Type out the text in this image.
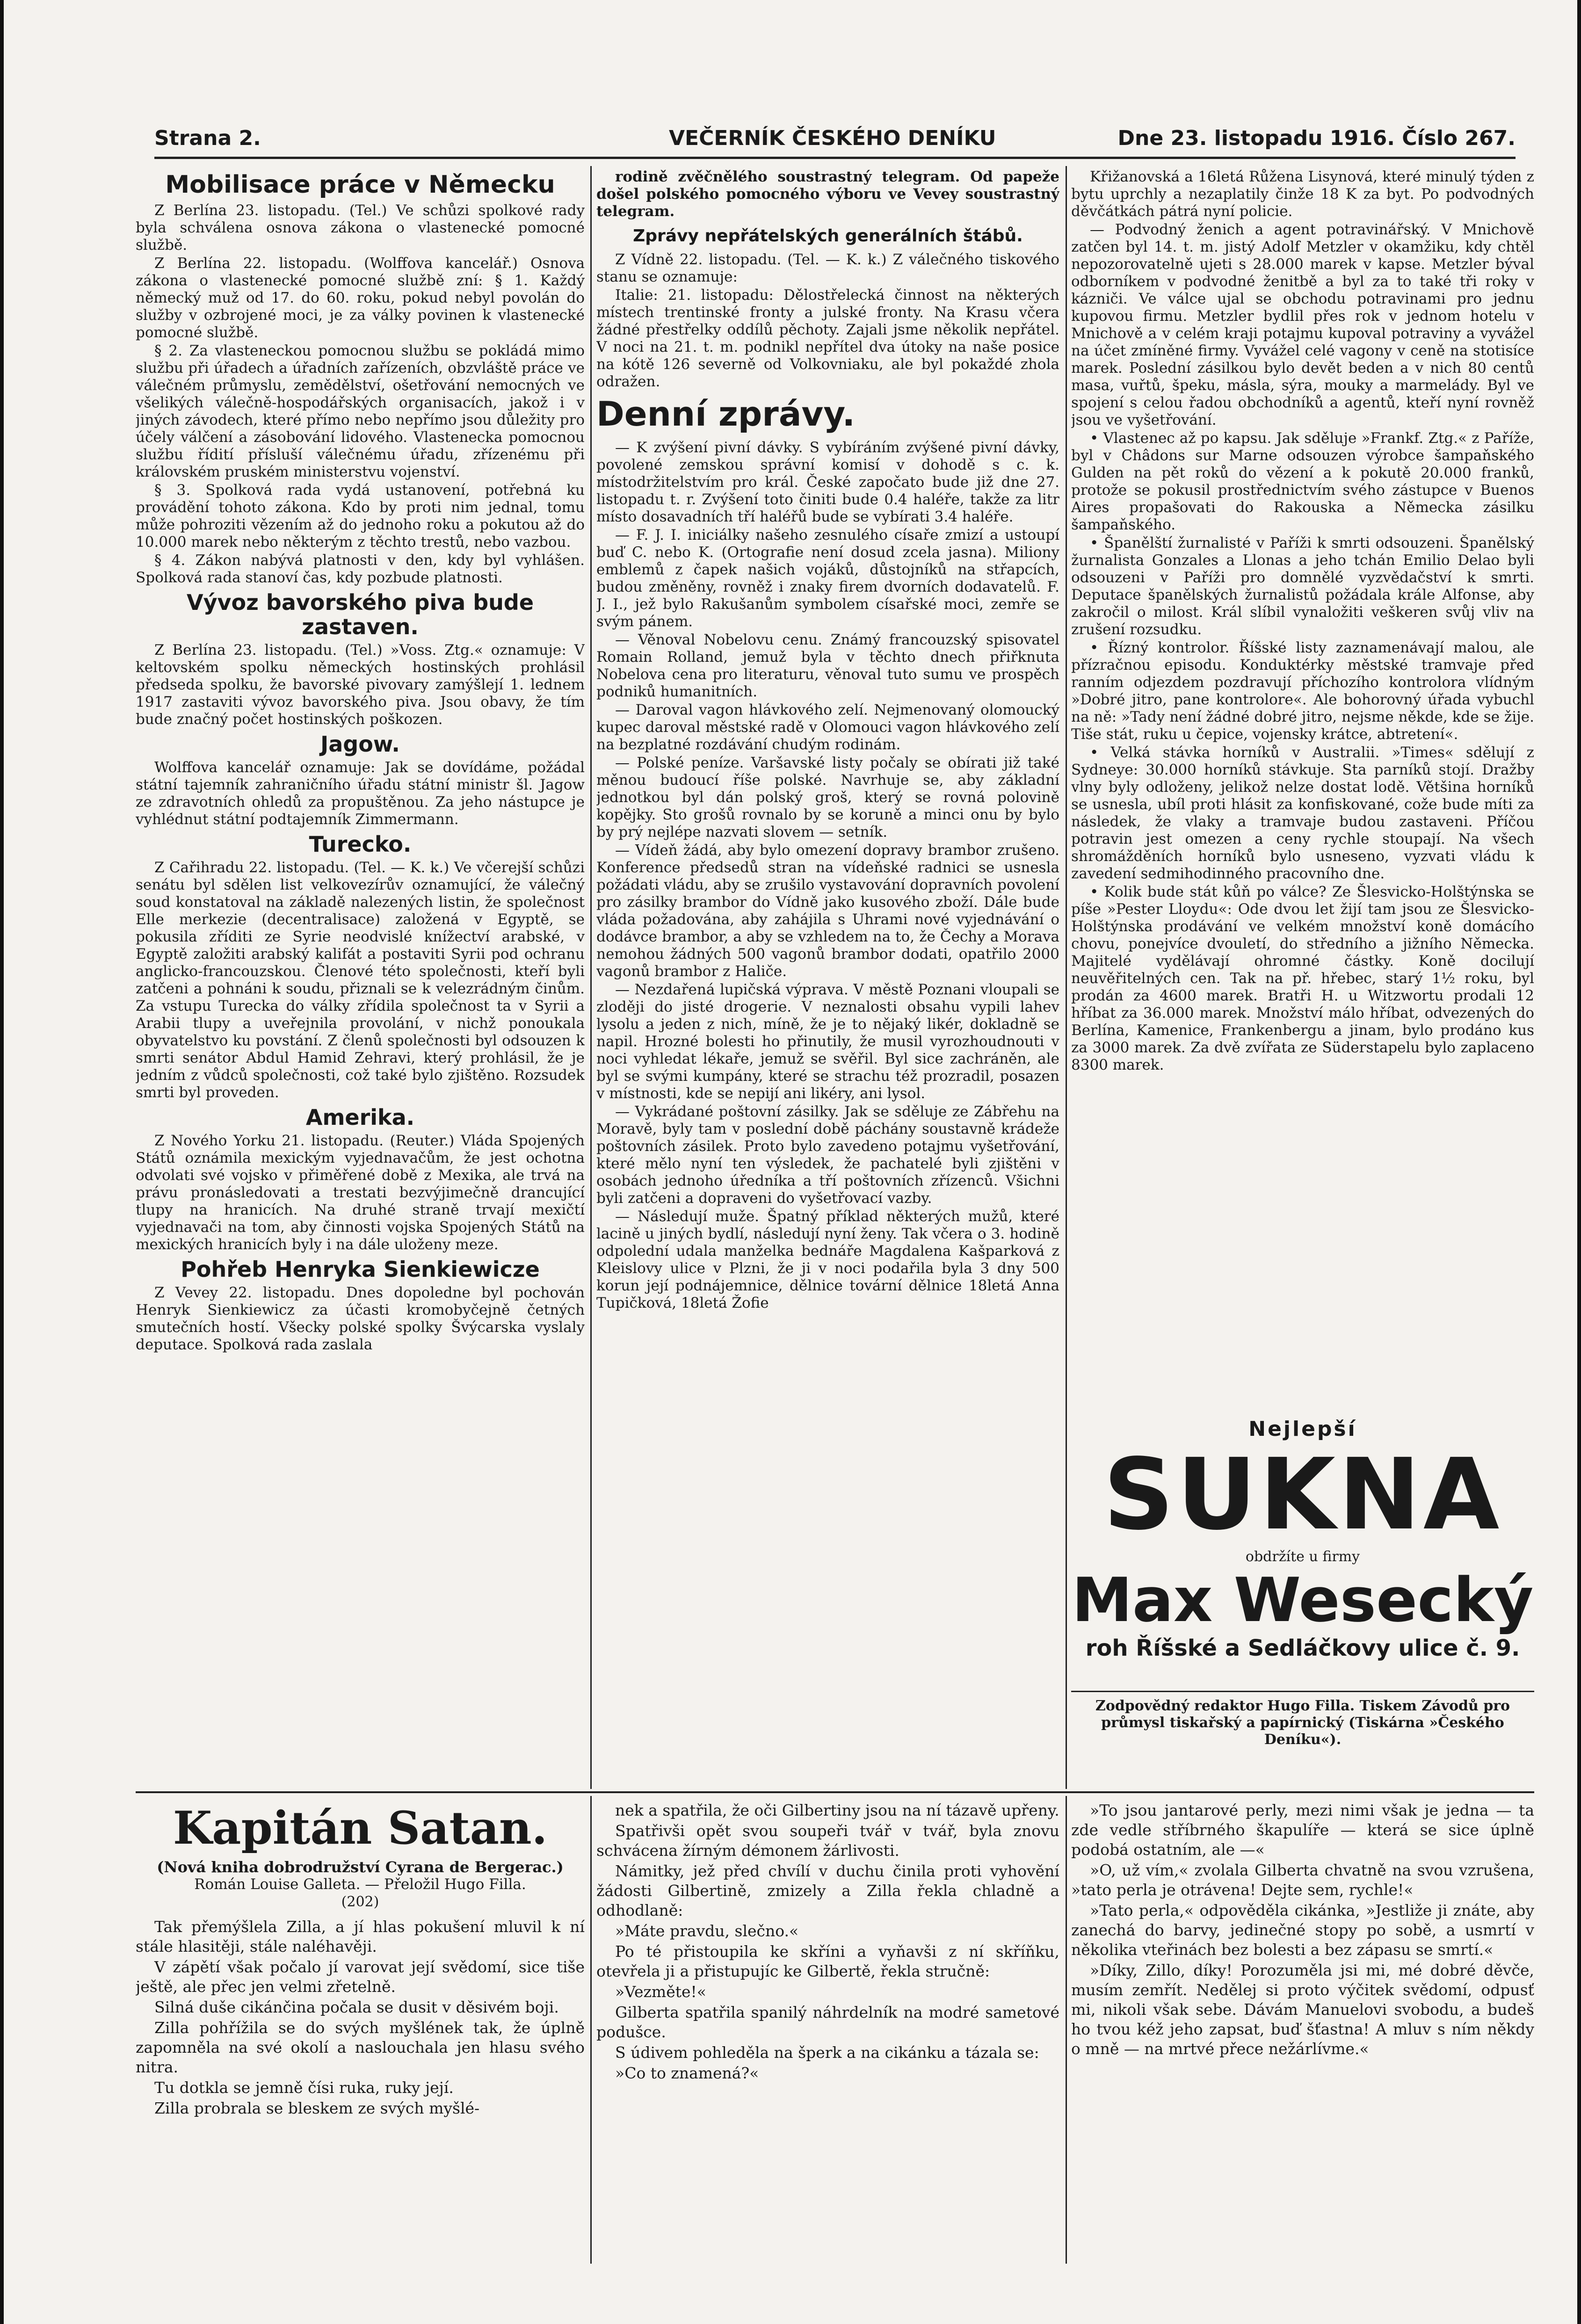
Strana 2.	VEČERNÍK ČESKÉHO DENÍKU	Dne 23. listopadu 1916. Číslo 267.
Mobilisace práce v Německu

Z Berlína 23. listopadu. (Tel.) Ve schůzi spolkové rady byla schválena osnova zákona o vlastenecké pomocné službě.

Z Berlína 22. listopadu. (Wolffova kancelář.) Osnova zákona o vlastenecké pomocné službě zní: § 1. Každý německý muž od 17. do 60. roku, pokud nebyl povolán do služby v ozbrojené moci, je za války povinen k vlastenecké pomocné službě.

§ 2. Za vlasteneckou pomocnou službu se pokládá mimo službu při úřadech a úřadních zařízeních, obzvláště práce ve válečném průmyslu, zemědělství, ošetřování nemocných ve všelikých válečně-hospodářských organisacích, jakož i v jiných závodech, které přímo nebo nepřímo jsou důležity pro účely válčení a zásobování lidového. Vlastenecka pomocnou službu řídití přísluší válečnému úřadu, zřízenému při královském pruském ministerstvu vojenství.

§ 3. Spolková rada vydá ustanovení, potřebná ku provádění tohoto zákona. Kdo by proti nim jednal, tomu může pohroziti vězením až do jednoho roku a pokutou až do 10.000 marek nebo některým z těchto trestů, nebo vazbou.

§ 4. Zákon nabývá platnosti v den, kdy byl vyhlášen. Spolková rada stanoví čas, kdy pozbude platnosti.

Vývoz bavorského piva bude zastaven.

Z Berlína 23. listopadu. (Tel.) »Voss. Ztg.« oznamuje: V keltovském spolku německých hostinských prohlásil předseda spolku, že bavorské pivovary zamýšlejí 1. lednem 1917 zastaviti vývoz bavorského piva. Jsou obavy, že tím bude značný počet hostinských poškozen.

Jagow.

Wolffova kancelář oznamuje: Jak se dovídáme, požádal státní tajemník zahraničního úřadu státní ministr šl. Jagow ze zdravotních ohledů za propuštěnou. Za jeho nástupce je vyhlédnut státní podtajemník Zimmermann.

Turecko.

Z Cařihradu 22. listopadu. (Tel. — K. k.) Ve včerejší schůzi senátu byl sdělen list velkovezírův oznamující, že válečný soud konstatoval na základě nalezených listin, že společnost Elle merkezie (decentralisace) založená v Egyptě, se pokusila zříditi ze Syrie neodvislé knížectví arabské, v Egyptě založiti arabský kalifát a postaviti Syrii pod ochranu anglicko-francouzskou. Členové této společnosti, kteří byli zatčeni a pohnáni k soudu, přiznali se k velezrádným činům. Za vstupu Turecka do války zřídila společnost ta v Syrii a Arabii tlupy a uveřejnila provolání, v nichž ponoukala obyvatelstvo ku povstání. Z členů společnosti byl odsouzen k smrti senátor Abdul Hamid Zehravi, který prohlásil, že je jedním z vůdců společnosti, což také bylo zjištěno. Rozsudek smrti byl proveden.

Amerika.

Z Nového Yorku 21. listopadu. (Reuter.) Vláda Spojených Států oznámila mexickým vyjednavačům, že jest ochotna odvolati své vojsko v přiměřené době z Mexika, ale trvá na právu pronásledovati a trestati bezvýjimečně drancující tlupy na hranicích. Na druhé straně trvají mexičtí vyjednavači na tom, aby činnosti vojska Spojených Států na mexických hranicích byly i na dále uloženy meze.

Pohřeb Henryka Sienkiewicze

Z Vevey 22. listopadu. Dnes dopoledne byl pochován Henryk Sienkiewicz za účasti kromobyčejně četných smutečních hostí. Všecky polské spolky Švýcarska vyslaly deputace. Spolková rada zaslala

rodině zvěčnělého soustrastný telegram. Od papeže došel polského pomocného výboru ve Vevey soustrastný telegram.

Zprávy nepřátelských generálních štábů.

Z Vídně 22. listopadu. (Tel. — K. k.) Z válečného tiskového stanu se oznamuje:

Italie: 21. listopadu: Dělostřelecká činnost na některých místech trentinské fronty a julské fronty. Na Krasu včera žádné přestřelky oddílů pěchoty. Zajali jsme několik nepřátel. V noci na 21. t. m. podnikl nepřítel dva útoky na naše posice na kótě 126 severně od Volkovniaku, ale byl pokaždé zhola odražen.

Denní zprávy.

— K zvýšení pivní dávky. S vybíráním zvýšené pivní dávky, povolené zemskou správní komisí v dohodě s c. k. místodržitelstvím pro král. České započato bude již dne 27. listopadu t. r. Zvýšení toto činiti bude 0.4 haléře, takže za litr místo dosavadních tří haléřů bude se vybírati 3.4 haléře.

— F. J. I. iniciálky našeho zesnulého císaře zmizí a ustoupí buď C. nebo K. (Ortografie není dosud zcela jasna). Miliony emblemů z čapek našich vojáků, důstojníků na střapcích, budou změněny, rovněž i znaky firem dvorních dodavatelů. F. J. I., jež bylo Rakušanům symbolem císařské moci, zemře se svým pánem.

— Věnoval Nobelovu cenu. Známý francouzský spisovatel Romain Rolland, jemuž byla v těchto dnech přiřknuta Nobelova cena pro literaturu, věnoval tuto sumu ve prospěch podniků humanitních.

— Daroval vagon hlávkového zelí. Nejmenovaný olomoucký kupec daroval městské radě v Olomouci vagon hlávkového zelí na bezplatné rozdávání chudým rodinám.

— Polské peníze. Varšavské listy počaly se obírati již také měnou budoucí říše polské. Navrhuje se, aby základní jednotkou byl dán polský groš, který se rovná polovině kopějky. Sto grošů rovnalo by se koruně a minci onu by bylo by prý nejlépe nazvati slovem — setník.

— Vídeň žádá, aby bylo omezení dopravy brambor zrušeno. Konference předsedů stran na vídeňské radnici se usnesla požádati vládu, aby se zrušilo vystavování dopravních povolení pro zásilky brambor do Vídně jako kusového zboží. Dále bude vláda požadována, aby zahájila s Uhrami nové vyjednávání o dodávce brambor, a aby se vzhledem na to, že Čechy a Morava nemohou žádných 500 vagonů brambor dodati, opatřilo 2000 vagonů brambor z Haliče.

— Nezdařená lupičská výprava. V městě Poznani vloupali se zloději do jisté drogerie. V neznalosti obsahu vypili lahev lysolu a jeden z nich, míně, že je to nějaký likér, dokladně se napil. Hrozné bolesti ho přinutily, že musil vyrozhoudnouti v noci vyhledat lékaře, jemuž se svěřil. Byl sice zachráněn, ale byl se svými kumpány, které se strachu též prozradil, posazen v místnosti, kde se nepijí ani likéry, ani lysol.

— Vykrádané poštovní zásilky. Jak se sděluje ze Zábřehu na Moravě, byly tam v poslední době páchány soustavně krádeže poštovních zásilek. Proto bylo zavedeno potajmu vyšetřování, které mělo nyní ten výsledek, že pachatelé byli zjištěni v osobách jednoho úředníka a tří poštovních zřízenců. Všichni byli zatčeni a dopraveni do vyšetřovací vazby.

— Následují muže. Špatný příklad některých mužů, které lacině u jiných bydlí, následují nyní ženy. Tak včera o 3. hodině odpolední udala manželka bednáře Magdalena Kašparková z Kleislovy ulice v Plzni, že ji v noci podařila byla 3 dny 500 korun její podnájemnice, dělnice tovární dělnice 18letá Anna Tupičková, 18letá Žofie

Křižanovská a 16letá Růžena Lisynová, které minulý týden z bytu uprchly a nezaplatily činže 18 K za byt. Po podvodných děvčátkách pátrá nyní policie.

— Podvodný ženich a agent potravinářský. V Mnichově zatčen byl 14. t. m. jistý Adolf Metzler v okamžiku, kdy chtěl nepozorovatelně ujeti s 28.000 marek v kapse. Metzler býval odborníkem v podvodné ženitbě a byl za to také tři roky v kázniči. Ve válce ujal se obchodu potravinami pro jednu kupovou firmu. Metzler bydlil přes rok v jednom hotelu v Mnichově a v celém kraji potajmu kupoval potraviny a vyvážel na účet zmíněné firmy. Vyvážel celé vagony v ceně na stotisíce marek. Poslední zásilkou bylo devět beden a v nich 80 centů masa, vuřtů, špeku, másla, sýra, mouky a marmelády. Byl ve spojení s celou řadou obchodníků a agentů, kteří nyní rovněž jsou ve vyšetřování.

• Vlastenec až po kapsu. Jak sděluje »Frankf. Ztg.« z Paříže, byl v Châdons sur Marne odsouzen výrobce šampaňského Gulden na pět roků do vězení a k pokutě 20.000 franků, protože se pokusil prostřednictvím svého zástupce v Buenos Aires propašovati do Rakouska a Německa zásilku šampaňského.

• Španělští žurnalisté v Paříži k smrti odsouzeni. Španělský žurnalista Gonzales a Llonas a jeho tchán Emilio Delao byli odsouzeni v Paříži pro domnělé vyzvědačství k smrti. Deputace španělských žurnalistů požádala krále Alfonse, aby zakročil o milost. Král slíbil vynaložiti veškeren svůj vliv na zrušení rozsudku.

• Řízný kontrolor. Říšské listy zaznamenávají malou, ale přízračnou episodu. Konduktérky městské tramvaje před ranním odjezdem pozdravují příchozího kontrolora vlídným »Dobré jitro, pane kontrolore«. Ale bohorovný úřada vybuchl na ně: »Tady není žádné dobré jitro, nejsme někde, kde se žije. Tiše stát, ruku u čepice, vojensky krátce, abtretení«.

• Velká stávka horníků v Australii. »Times« sdělují z Sydneye: 30.000 horníků stávkuje. Sta parníků stojí. Dražby vlny byly odloženy, jelikož nelze dostat lodě. Většina horníků se usnesla, ubíl proti hlásit za konfiskované, cože bude míti za následek, že vlaky a tramvaje budou zastaveni. Příčou potravin jest omezen a ceny rychle stoupají. Na všech shromážděních horníků bylo usneseno, vyzvati vládu k zavedení sedmihodinného pracovního dne.

• Kolik bude stát kůň po válce? Ze Šlesvicko-Holštýnska se píše »Pester Lloydu«: Ode dvou let žijí tam jsou ze Šlesvicko-Holštýnska prodávání ve velkém množství koně domácího chovu, ponejvíce dvouletí, do středního a jižního Německa. Majitelé vydělávají ohromné částky. Koně docilují neuvěřitelných cen. Tak na př. hřebec, starý 1½ roku, byl prodán za 4600 marek. Bratři H. u Witzwortu prodali 12 hříbat za 36.000 marek. Množství málo hříbat, odvezených do Berlína, Kamenice, Frankenbergu a jinam, bylo prodáno kus za 3000 marek. Za dvě zvířata ze Süderstapelu bylo zaplaceno 8300 marek.

Nejlepší
SUKNA
obdržíte u firmy
Max Wesecký
roh Říšské a Sedláčkovy ulice č. 9.
Zodpovědný redaktor Hugo Filla. Tiskem Závodů pro průmysl tiskařský a papírnický (Tiskárna »Českého Deníku«).
Kapitán Satan.
(Nová kniha dobrodružství Cyrana de Bergerac.)
Román Louise Galleta. — Přeložil Hugo Filla.
(202)

Tak přemýšlela Zilla, a jí hlas pokušení mluvil k ní stále hlasitěji, stále naléhavěji.

V zápětí však počalo jí varovat její svědomí, sice tiše ještě, ale přec jen velmi zřetelně.

Silná duše cikánčina počala se dusit v děsivém boji.

Zilla pohřížila se do svých myšlének tak, že úplně zapomněla na své okolí a naslouchala jen hlasu svého nitra.

Tu dotkla se jemně čísi ruka, ruky její.

Zilla probrala se bleskem ze svých myšlé-

nek a spatřila, že oči Gilbertiny jsou na ní tázavě upřeny.

Spatřivši opět svou soupeři tvář v tvář, byla znovu schvácena žírným démonem žárlivosti.

Námitky, jež před chvílí v duchu činila proti vyhovění žádosti Gilbertině, zmizely a Zilla řekla chladně a odhodlaně:

»Máte pravdu, slečno.«

Po té přistoupila ke skříni a vyňavši z ní skříňku, otevřela ji a přistupujíc ke Gilbertě, řekla stručně:

»Vezměte!«

Gilberta spatřila spanilý náhrdelník na modré sametové podušce.

S údivem pohleděla na šperk a na cikánku a tázala se:

»Co to znamená?«

»To jsou jantarové perly, mezi nimi však je jedna — ta zde vedle stříbrného škapulíře — která se sice úplně podobá ostatním, ale —«

»O, už vím,« zvolala Gilberta chvatně na svou vzrušena, »tato perla je otrávena! Dejte sem, rychle!«

»Tato perla,« odpověděla cikánka, »Jestliže ji znáte, aby zanechá do barvy, jedinečné stopy po sobě, a usmrtí v několika vteřinách bez bolesti a bez zápasu se smrtí.«

»Díky, Zillo, díky! Porozuměla jsi mi, mé dobré děvče, musím zemřít. Nedělej si proto výčitek svědomí, odpusť mi, nikoli však sebe. Dávám Manuelovi svobodu, a budeš ho tvou kéž jeho zapsat, buď šťastna! A mluv s ním někdy o mně — na mrtvé přece nežárlívme.«
